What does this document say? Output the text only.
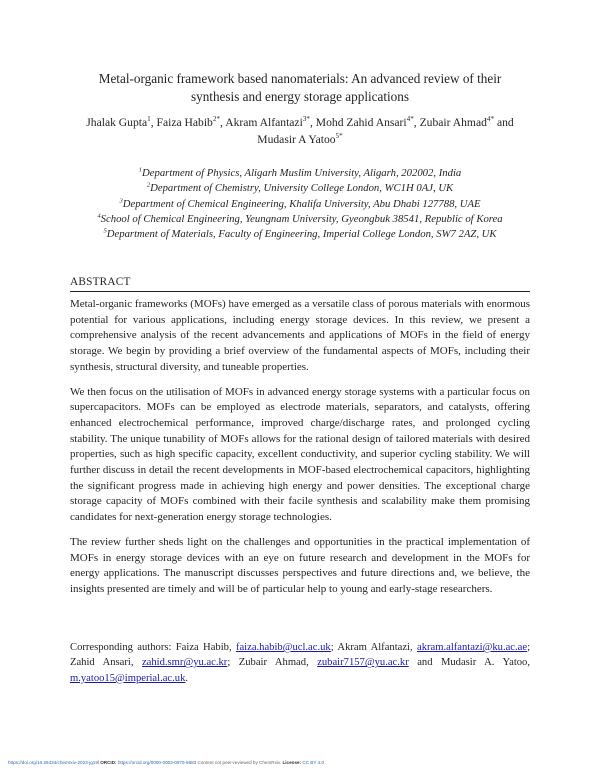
Metal-organic framework based nanomaterials: An advanced review of their
synthesis and energy storage applications
Jhalak Gupta$^1$, Faiza Habib$^{2*}$, Akram Alfantazi$^{3*}$, Mohd Zahid Ansari$^{4*}$, Zubair Ahmad$^{4*}$ and
Mudasir A Yatoo$^{5*}$
$^1$Department of Physics, Aligarh Muslim University, Aligarh, 202002, India
$^2$Department of Chemistry, University College London, WC1H 0AJ, UK
$^3$Department of Chemical Engineering, Khalifa University, Abu Dhabi 127788, UAE
$^4$School of Chemical Engineering, Yeungnam University, Gyeongbuk 38541, Republic of Korea
$^5$Department of Materials, Faculty of Engineering, Imperial College London, SW7 2AZ, UK
ABSTRACT

Metal-organic frameworks (MOFs) have emerged as a versatile class of porous materials with enormous potential for various applications, including energy storage devices. In this review, we present a comprehensive analysis of the recent advancements and applications of MOFs in the field of energy storage. We begin by providing a brief overview of the fundamental aspects of MOFs, including their synthesis, structural diversity, and tuneable properties.

We then focus on the utilisation of MOFs in advanced energy storage systems with a particular focus on supercapacitors. MOFs can be employed as electrode materials, separators, and catalysts, offering enhanced electrochemical performance, improved charge/discharge rates, and prolonged cycling stability. The unique tunability of MOFs allows for the rational design of tailored materials with desired properties, such as high specific capacity, excellent conductivity, and superior cycling stability. We will further discuss in detail the recent developments in MOF-based electrochemical capacitors, highlighting the significant progress made in achieving high energy and power densities. The exceptional charge storage capacity of MOFs combined with their facile synthesis and scalability make them promising candidates for next-generation energy storage technologies.

The review further sheds light on the challenges and opportunities in the practical implementation of MOFs in energy storage devices with an eye on future research and development in the MOFs for energy applications. The manuscript discusses perspectives and future directions and, we believe, the insights presented are timely and will be of particular help to young and early-stage researchers.

Corresponding authors: Faiza Habib, faiza.habib@ucl.ac.uk; Akram Alfantazi, akram.alfantazi@ku.ac.ae; Zahid Ansari, zahid.smr@yu.ac.kr; Zubair Ahmad, zubair7157@yu.ac.kr and Mudasir A. Yatoo, m.yatoo15@imperial.ac.uk.
https://doi.org/10.26434/chemrxiv-2023-jg19l ORCID: https://orcid.org/0000-0003-0970-5683 Content not peer-reviewed by ChemRxiv. License: CC BY 4.0
